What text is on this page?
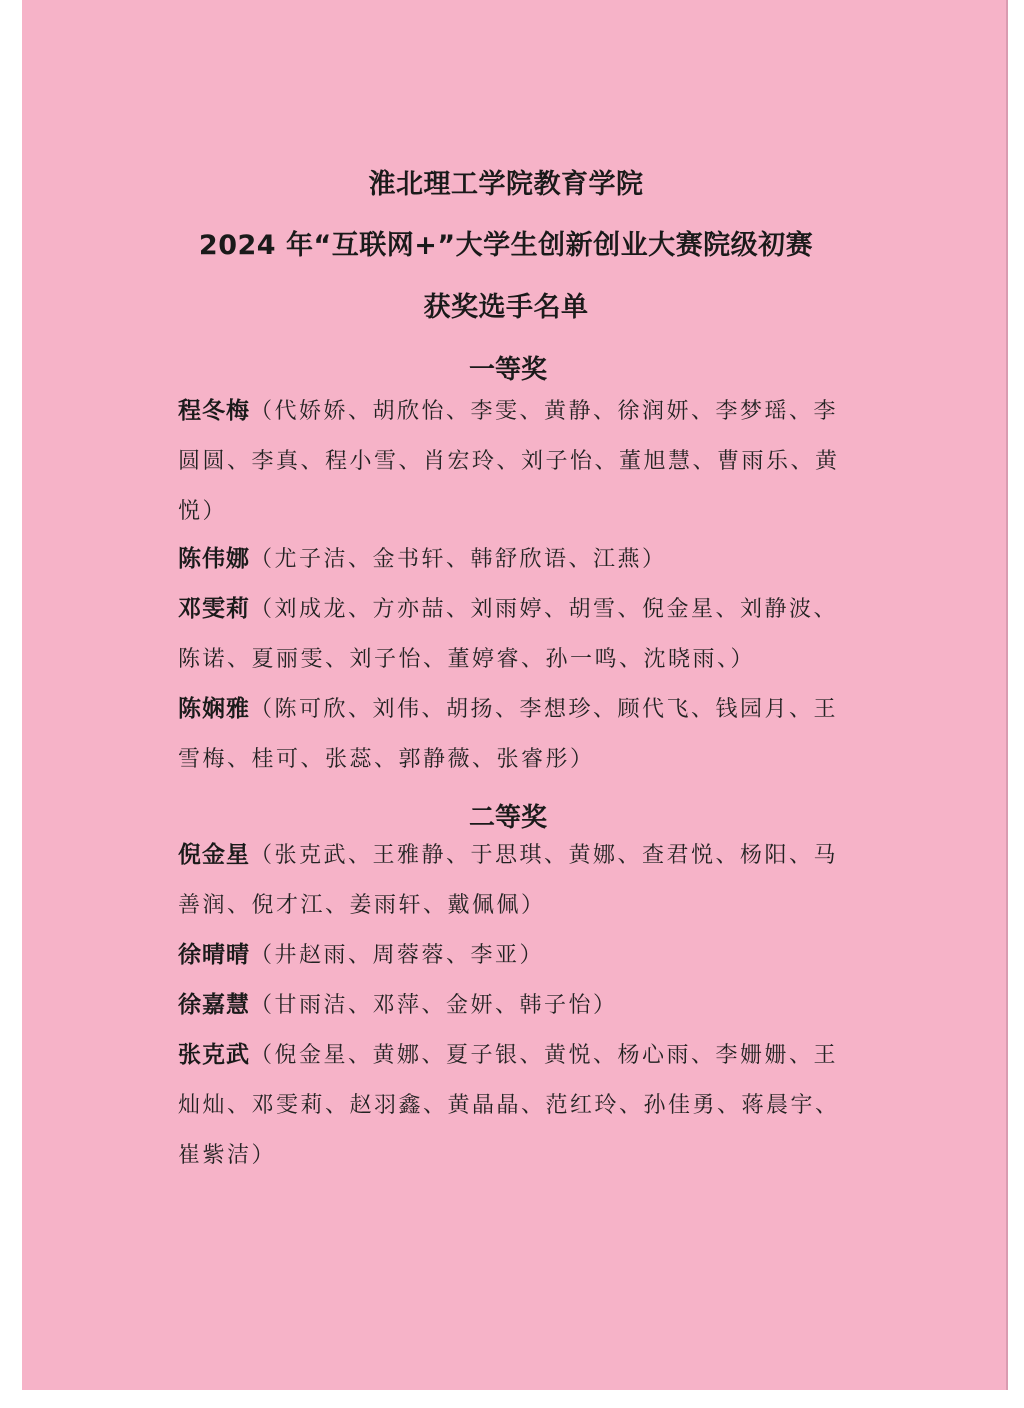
淮北理工学院教育学院
2024 年“互联网+”大学生创新创业大赛院级初赛
获奖选手名单
一等奖

程冬梅（代娇娇、胡欣怡、李雯、黄静、徐润妍、李梦瑶、李圆圆、李真、程小雪、肖宏玲、刘子怡、董旭慧、曹雨乐、黄悦）

陈伟娜（尤子洁、金书轩、韩舒欣语、江燕）

邓雯莉（刘成龙、方亦喆、刘雨婷、胡雪、倪金星、刘静波、陈诺、夏丽雯、刘子怡、董婷睿、孙一鸣、沈晓雨、）

陈娴雅（陈可欣、刘伟、胡扬、李想珍、顾代飞、钱园月、王雪梅、桂可、张蕊、郭静薇、张睿彤）

二等奖

倪金星（张克武、王雅静、于思琪、黄娜、查君悦、杨阳、马善润、倪才江、姜雨轩、戴佩佩）

徐晴晴（井赵雨、周蓉蓉、李亚）

徐嘉慧（甘雨洁、邓萍、金妍、韩子怡）

张克武（倪金星、黄娜、夏子银、黄悦、杨心雨、李姗姗、王灿灿、邓雯莉、赵羽鑫、黄晶晶、范红玲、孙佳勇、蒋晨宇、崔紫洁）
